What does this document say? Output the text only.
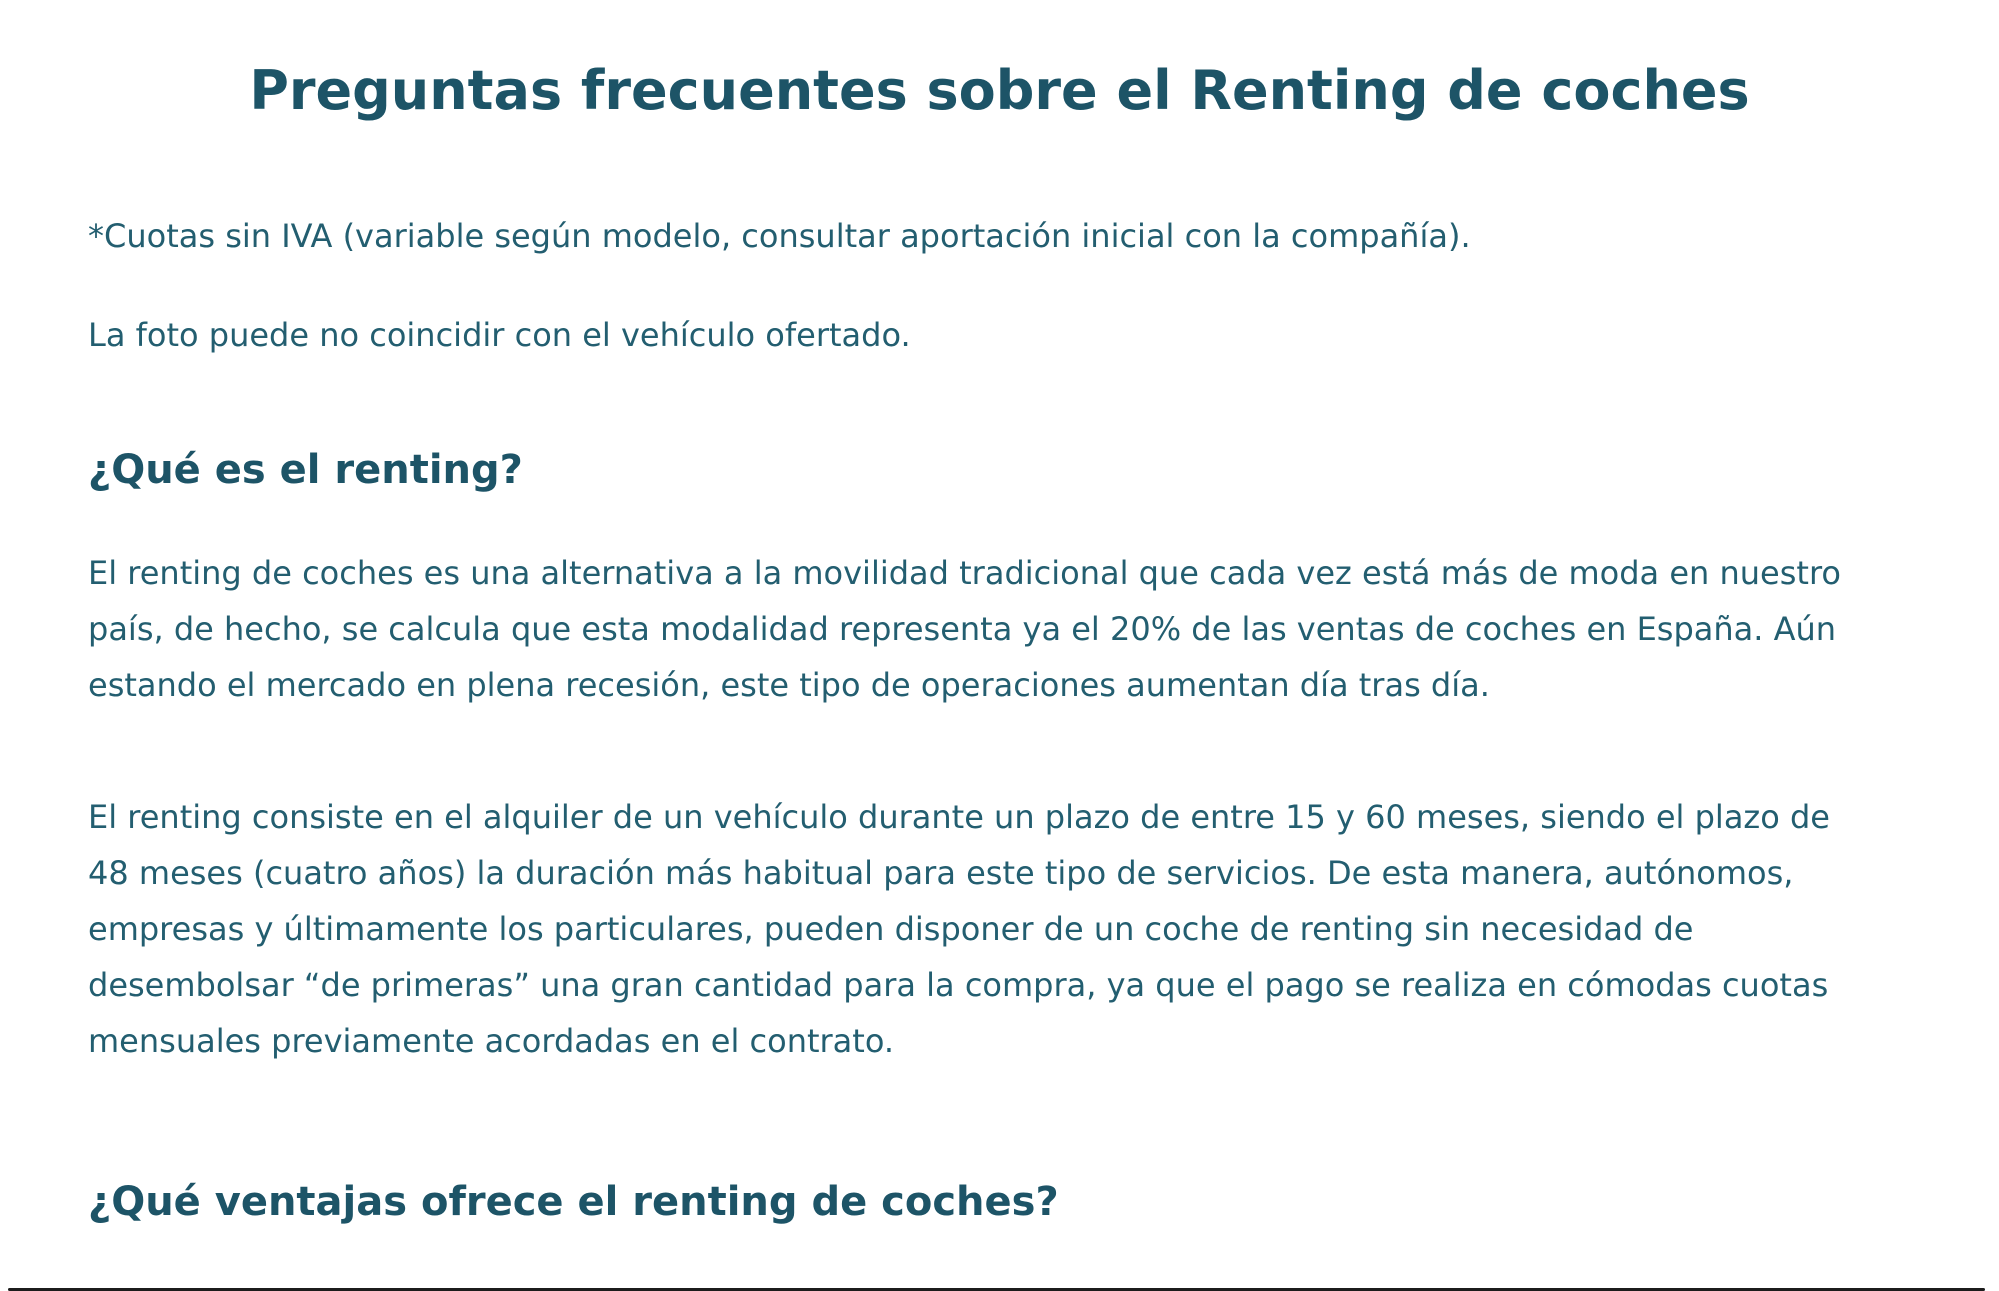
Preguntas frecuentes sobre el Renting de coches

*Cuotas sin IVA (variable según modelo, consultar aportación inicial con la compañía).

La foto puede no coincidir con el vehículo ofertado.

¿Qué es el renting?

El renting de coches es una alternativa a la movilidad tradicional que cada vez está más de moda en nuestro país, de hecho, se calcula que esta modalidad representa ya el 20% de las ventas de coches en España. Aún estando el mercado en plena recesión, este tipo de operaciones aumentan día tras día.

El renting consiste en el alquiler de un vehículo durante un plazo de entre 15 y 60 meses, siendo el plazo de 48 meses (cuatro años) la duración más habitual para este tipo de servicios. De esta manera, autónomos, empresas y últimamente los particulares, pueden disponer de un coche de renting sin necesidad de desembolsar “de primeras” una gran cantidad para la compra, ya que el pago se realiza en cómodas cuotas mensuales previamente acordadas en el contrato.

¿Qué ventajas ofrece el renting de coches?
